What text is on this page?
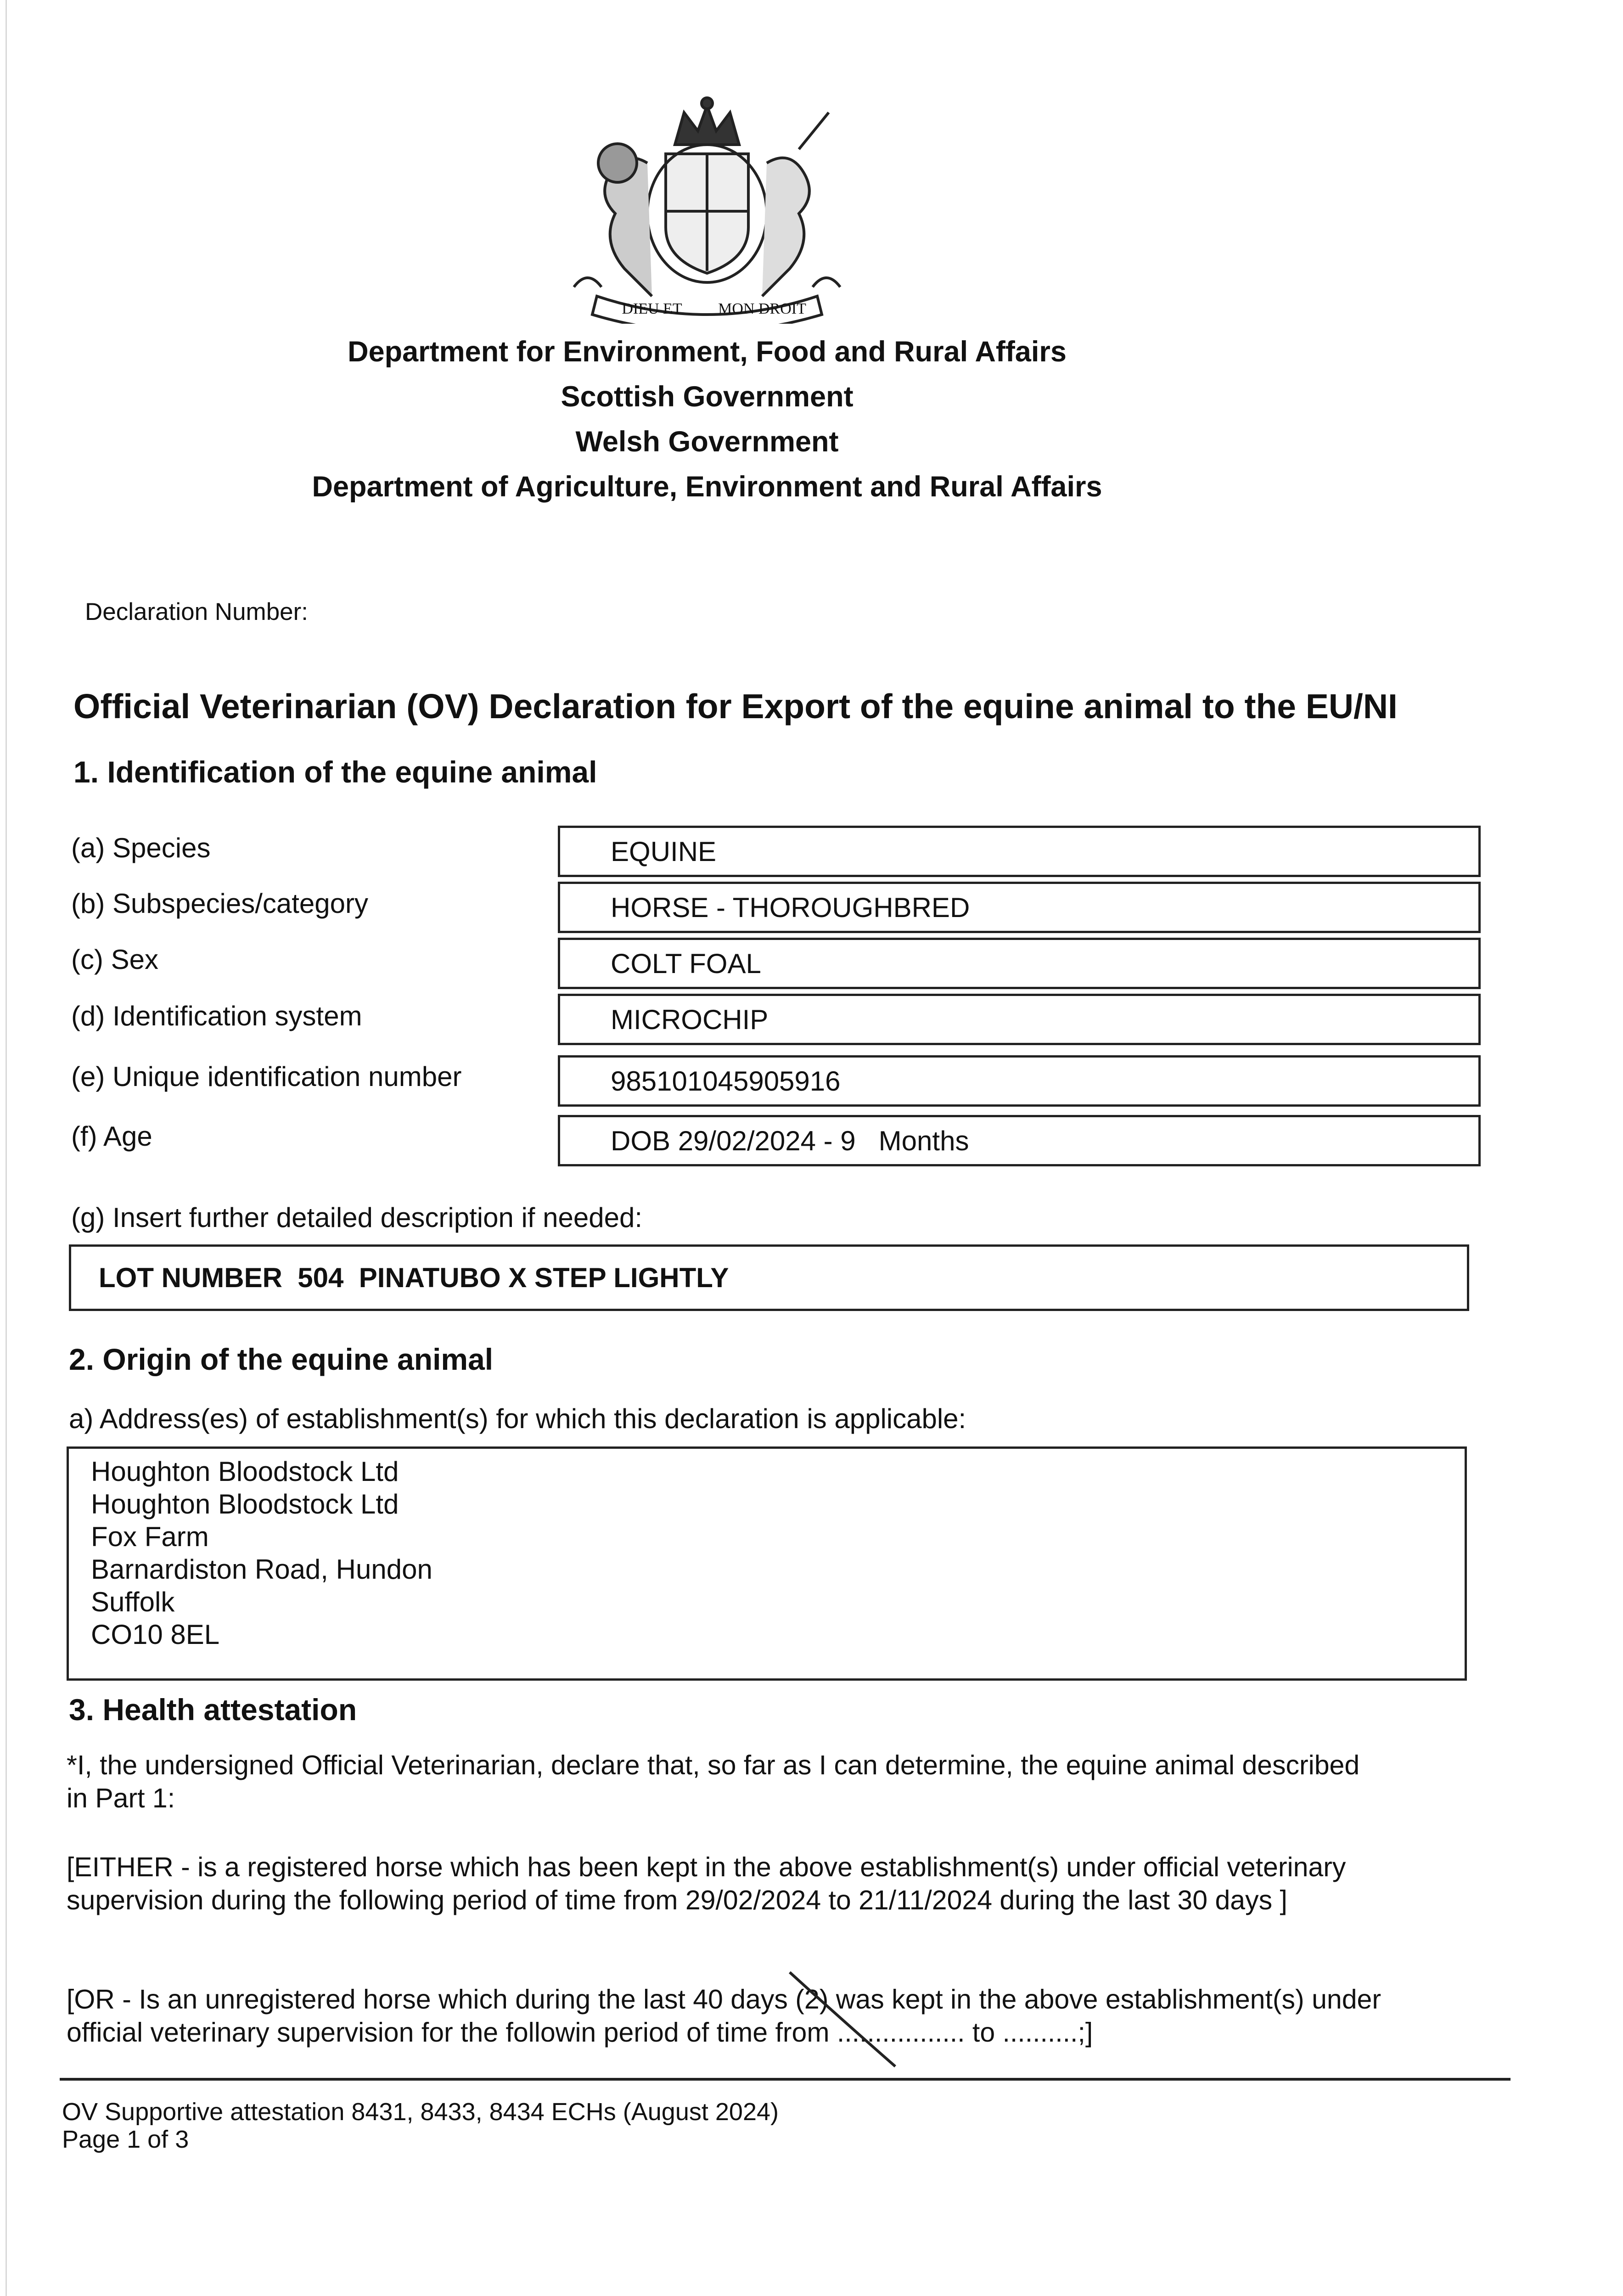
DIEU ET MON DROIT
Department for Environment, Food and Rural Affairs
Scottish Government
Welsh Government
Department of Agriculture, Environment and Rural Affairs
Declaration Number:
Official Veterinarian (OV) Declaration for Export of the equine animal to the EU/NI
1. Identification of the equine animal
(a) Species	EQUINE
(b) Subspecies/category	HORSE - THOROUGHBRED
(c) Sex	COLT FOAL
(d) Identification system	MICROCHIP
(e) Unique identification number	985101045905916
(f) Age	DOB 29/02/2024 - 9   Months
(g) Insert further detailed description if needed:
LOT NUMBER  504  PINATUBO X STEP LIGHTLY
2. Origin of the equine animal
a) Address(es) of establishment(s) for which this declaration is applicable:
Houghton Bloodstock Ltd
Houghton Bloodstock Ltd
Fox Farm
Barnardiston Road, Hundon
Suffolk
CO10 8EL
3. Health attestation
*I, the undersigned Official Veterinarian, declare that, so far as I can determine, the equine animal described
in Part 1:
[EITHER - is a registered horse which has been kept in the above establishment(s) under official veterinary
supervision during the following period of time from 29/02/2024 to 21/11/2024 during the last 30 days ]
[OR - Is an unregistered horse which during the last 40 days (2) was kept in the above establishment(s) under
official veterinary supervision for the followin period of time from ................. to ..........;]
OV Supportive attestation 8431, 8433, 8434 ECHs (August 2024)
Page 1 of 3
